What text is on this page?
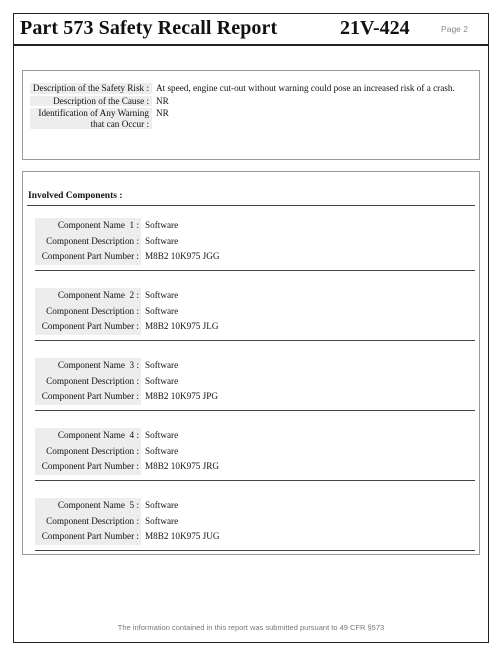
Part 573 Safety Recall Report	21V-424	Page 2
Description of the Safety Risk : At speed, engine cut-out without warning could pose an increased risk of a crash.
Description of the Cause : NR
Identification of Any Warning that can Occur :
NR
Involved Components :
Component Name 1 : Software
Component Description : Software
Component Part Number : M8B2 10K975 JGG
Component Name 2 : Software
Component Description : Software
Component Part Number : M8B2 10K975 JLG
Component Name 3 : Software
Component Description : Software
Component Part Number : M8B2 10K975 JPG
Component Name 4 : Software
Component Description : Software
Component Part Number : M8B2 10K975 JRG
Component Name 5 : Software
Component Description : Software
Component Part Number : M8B2 10K975 JUG
The information contained in this report was submitted pursuant to 49 CFR §573
